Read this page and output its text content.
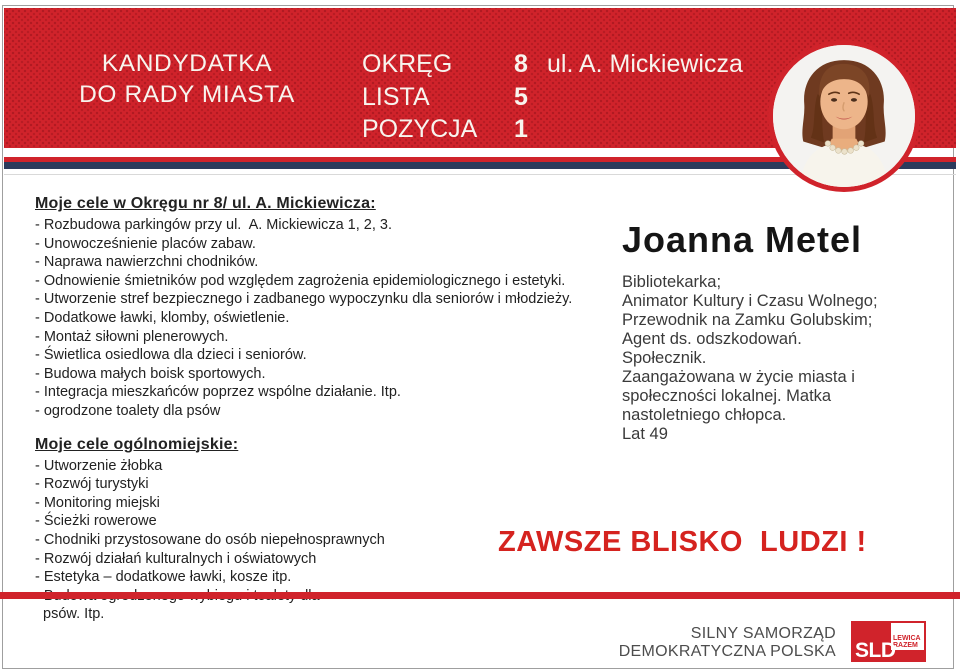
KANDYDATKA
DO RADY MIASTA
OKRĘG 8
LISTA	5
POZYCJA 1
ul. A. Mickiewicza
Moje cele w Okręgu nr 8/ ul. A. Mickiewicza:
- Rozbudowa parkingów przy ul.  A. Mickiewicza 1, 2, 3.
- Unowocześnienie placów zabaw.
- Naprawa nawierzchni chodników.
- Odnowienie śmietników pod względem zagrożenia epidemiologicznego i estetyki.
- Utworzenie stref bezpiecznego i zadbanego wypoczynku dla seniorów i młodzieży.
- Dodatkowe ławki, klomby, oświetlenie.
- Montaż siłowni plenerowych.
- Świetlica osiedlowa dla dzieci i seniorów.
- Budowa małych boisk sportowych.
- Integracja mieszkańców poprzez wspólne działanie. Itp.
- ogrodzone toalety dla psów
Moje cele ogólnomiejskie:
- Utworzenie żłobka
- Rozwój turystyki
- Monitoring miejski
- Ścieżki rowerowe
- Chodniki przystosowane do osób niepełnosprawnych
- Rozwój działań kulturalnych i oświatowych
- Estetyka – dodatkowe ławki, kosze itp.

psów. Itp.
Joanna Metel
Bibliotekarka;
Animator Kultury i Czasu Wolnego;
Przewodnik na Zamku Golubskim;
Agent ds. odszkodowań.
Społecznik.
Zaangażowana w życie miasta i
społeczności lokalnej. Matka
nastoletniego chłopca.
Lat 49
ZAWSZE BLISKO  LUDZI !
SILNY SAMORZĄD
DEMOKRATYCZNA POLSKA
LEWICA
RAZEM
SLD
